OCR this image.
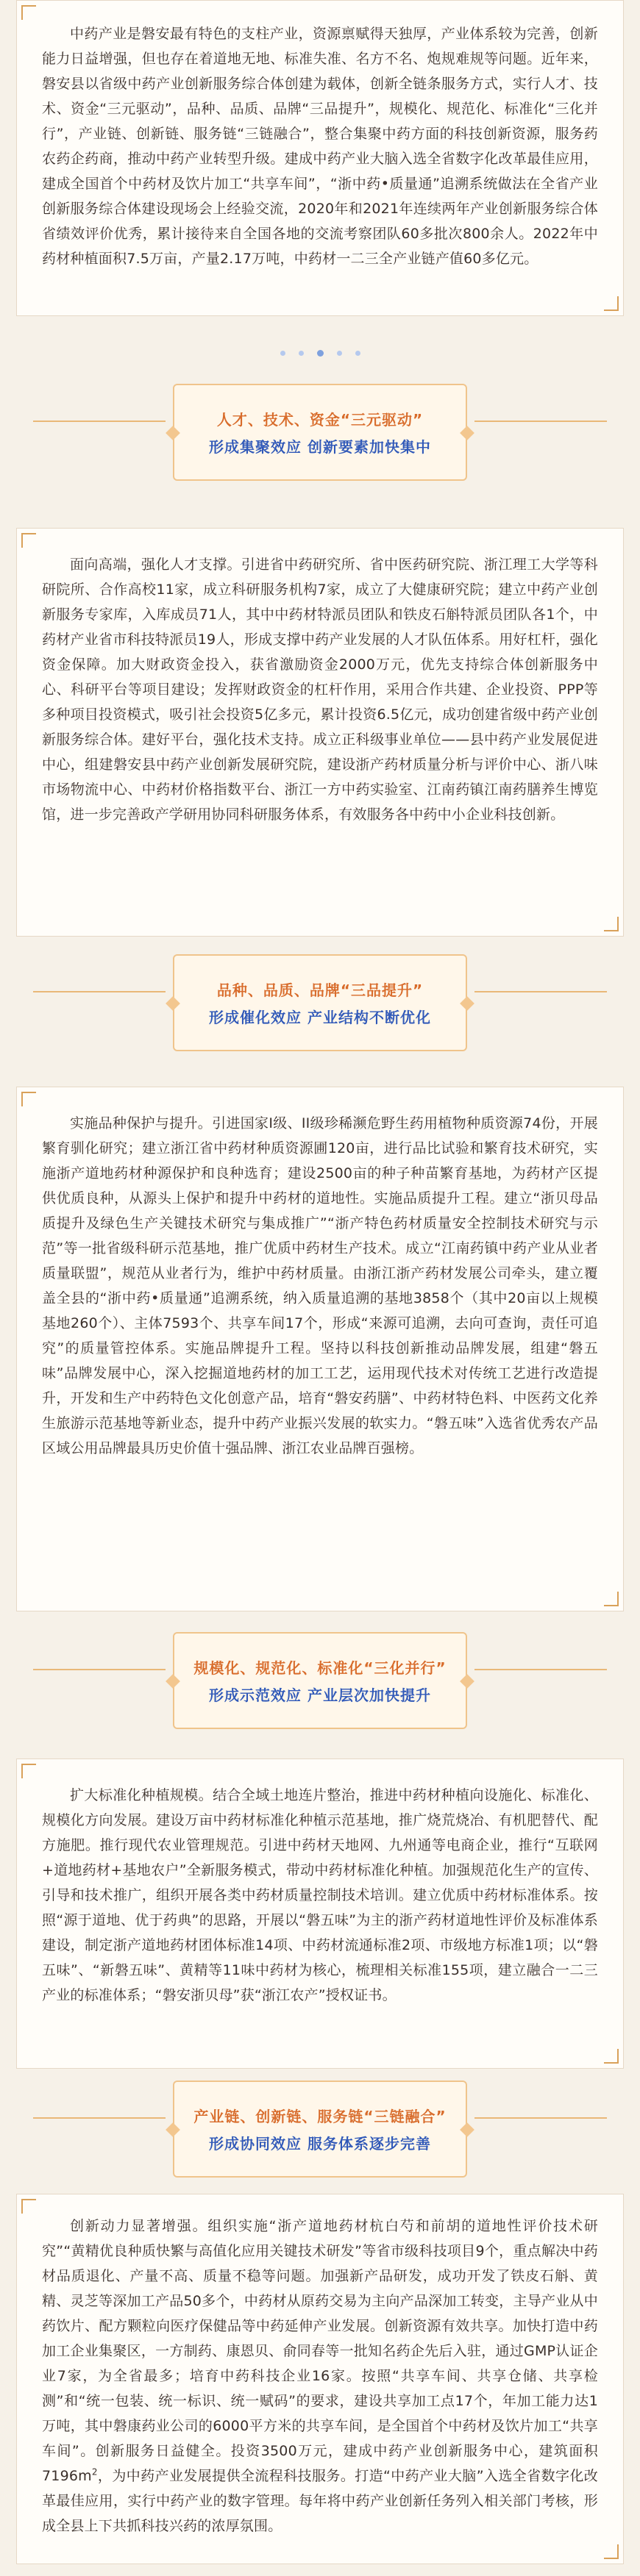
中药产业是磐安最有特色的支柱产业，资源禀赋得天独厚，产业体系较为完善，创新能力日益增强，但也存在着道地无地、标准失准、名方不名、炮规难规等问题。近年来，磐安县以省级中药产业创新服务综合体创建为载体，创新全链条服务方式，实行人才、技术、资金“三元驱动”，品种、品质、品牌“三品提升”，规模化、规范化、标准化“三化并行”，产业链、创新链、服务链“三链融合”，整合集聚中药方面的科技创新资源，服务药农药企药商，推动中药产业转型升级。建成中药产业大脑入选全省数字化改革最佳应用，建成全国首个中药材及饮片加工“共享车间”，“浙中药•质量通”追溯系统做法在全省产业创新服务综合体建设现场会上经验交流，2020年和2021年连续两年产业创新服务综合体省绩效评价优秀，累计接待来自全国各地的交流考察团队60多批次800余人。2022年中药材种植面积7.5万亩，产量2.17万吨，中药材一二三全产业链产值60多亿元。

人才、技术、资金“三元驱动”
形成集聚效应 创新要素加快集中

面向高端，强化人才支撑。引进省中药研究所、省中医药研究院、浙江理工大学等科研院所、合作高校11家，成立科研服务机构7家，成立了大健康研究院；建立中药产业创新服务专家库，入库成员71人，其中中药材特派员团队和铁皮石斛特派员团队各1个，中药材产业省市科技特派员19人，形成支撑中药产业发展的人才队伍体系。用好杠杆，强化资金保障。加大财政资金投入，获省激励资金2000万元，优先支持综合体创新服务中心、科研平台等项目建设；发挥财政资金的杠杆作用，采用合作共建、企业投资、PPP等多种项目投资模式，吸引社会投资5亿多元，累计投资6.5亿元，成功创建省级中药产业创新服务综合体。建好平台，强化技术支持。成立正科级事业单位——县中药产业发展促进中心，组建磐安县中药产业创新发展研究院，建设浙产药材质量分析与评价中心、浙八味市场物流中心、中药材价格指数平台、浙江一方中药实验室、江南药镇江南药膳养生博览馆，进一步完善政产学研用协同科研服务体系，有效服务各中药中小企业科技创新。

品种、品质、品牌“三品提升”
形成催化效应 产业结构不断优化

实施品种保护与提升。引进国家I级、II级珍稀濒危野生药用植物种质资源74份，开展繁育驯化研究；建立浙江省中药材种质资源圃120亩，进行品比试验和繁育技术研究，实施浙产道地药材种源保护和良种选育；建设2500亩的种子种苗繁育基地，为药材产区提供优质良种，从源头上保护和提升中药材的道地性。实施品质提升工程。建立“浙贝母品质提升及绿色生产关键技术研究与集成推广”“浙产特色药材质量安全控制技术研究与示范”等一批省级科研示范基地，推广优质中药材生产技术。成立“江南药镇中药产业从业者质量联盟”，规范从业者行为，维护中药材质量。由浙江浙产药材发展公司牵头，建立覆盖全县的“浙中药•质量通”追溯系统，纳入质量追溯的基地3858个（其中20亩以上规模基地260个）、主体7593个、共享车间17个，形成“来源可追溯，去向可查询，责任可追究”的质量管控体系。实施品牌提升工程。坚持以科技创新推动品牌发展，组建“磐五味”品牌发展中心，深入挖掘道地药材的加工工艺，运用现代技术对传统工艺进行改造提升，开发和生产中药特色文化创意产品，培育“磐安药膳”、中药材特色料、中医药文化养生旅游示范基地等新业态，提升中药产业振兴发展的软实力。“磐五味”入选省优秀农产品区域公用品牌最具历史价值十强品牌、浙江农业品牌百强榜。

规模化、规范化、标准化“三化并行”
形成示范效应 产业层次加快提升

扩大标准化种植规模。结合全域土地连片整治，推进中药材种植向设施化、标准化、规模化方向发展。建设万亩中药材标准化种植示范基地，推广烧荒烧冶、有机肥替代、配方施肥。推行现代农业管理规范。引进中药材天地网、九州通等电商企业，推行“互联网+道地药材+基地农户”全新服务模式，带动中药材标准化种植。加强规范化生产的宣传、引导和技术推广，组织开展各类中药材质量控制技术培训。建立优质中药材标准体系。按照“源于道地、优于药典”的思路，开展以“磐五味”为主的浙产药材道地性评价及标准体系建设，制定浙产道地药材团体标准14项、中药材流通标准2项、市级地方标准1项；以“磐五味”、“新磐五味”、黄精等11味中药材为核心，梳理相关标准155项，建立融合一二三产业的标准体系；“磐安浙贝母”获“浙江农产”授权证书。

产业链、创新链、服务链“三链融合”
形成协同效应 服务体系逐步完善

创新动力显著增强。组织实施“浙产道地药材杭白芍和前胡的道地性评价技术研究”“黄精优良种质快繁与高值化应用关键技术研发”等省市级科技项目9个，重点解决中药材品质退化、产量不高、质量不稳等问题。加强新产品研发，成功开发了铁皮石斛、黄精、灵芝等深加工产品50多个，中药材从原药交易为主向产品深加工转变，主导产业从中药饮片、配方颗粒向医疗保健品等中药延伸产业发展。创新资源有效共享。加快打造中药加工企业集聚区，一方制药、康恩贝、俞同春等一批知名药企先后入驻，通过GMP认证企业7家，为全省最多；培育中药科技企业16家。按照“共享车间、共享仓储、共享检测”和“统一包装、统一标识、统一赋码”的要求，建设共享加工点17个，年加工能力达1万吨，其中磐康药业公司的6000平方米的共享车间，是全国首个中药材及饮片加工“共享车间”。创新服务日益健全。投资3500万元，建成中药产业创新服务中心，建筑面积$7196m^2$，为中药产业发展提供全流程科技服务。打造“中药产业大脑”入选全省数字化改革最佳应用，实行中药产业的数字管理。每年将中药产业创新任务列入相关部门考核，形成全县上下共抓科技兴药的浓厚氛围。
